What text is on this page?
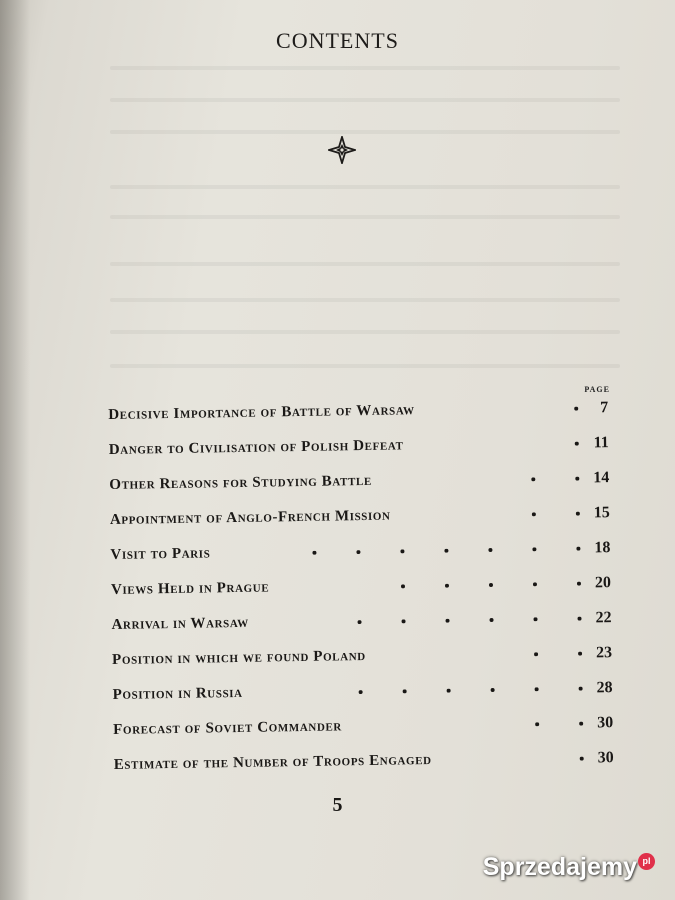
CONTENTS
PAGE
Decisive Importance of Battle of Warsaw	7
Danger to Civilisation of Polish Defeat	11
Other Reasons for Studying Battle	14
Appointment of Anglo-French Mission	15
Visit to Paris	18
Views Held in Prague	20
Arrival in Warsaw	22
Position in which we found Poland	23
Position in Russia	28
Forecast of Soviet Commander	30
Estimate of the Number of Troops Engaged	30
5
Sprzedajemy pl
